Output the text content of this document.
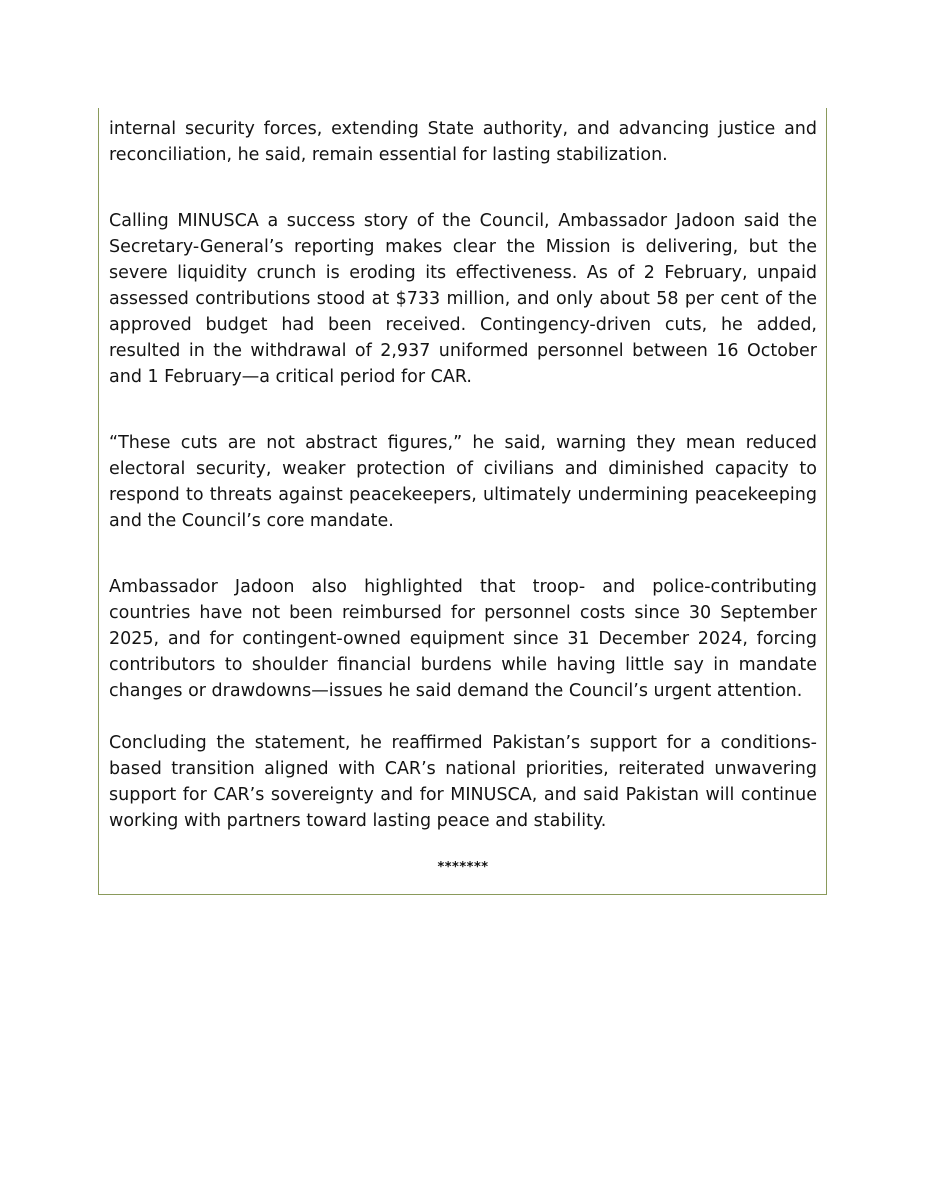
internal security forces, extending State authority, and advancing justice and reconciliation, he said, remain essential for lasting stabilization.

Calling MINUSCA a success story of the Council, Ambassador Jadoon said the Secretary-General’s reporting makes clear the Mission is delivering, but the severe liquidity crunch is eroding its effectiveness. As of 2 February, unpaid assessed contributions stood at $733 million, and only about 58 per cent of the approved budget had been received. Contingency-driven cuts, he added, resulted in the withdrawal of 2,937 uniformed personnel between 16 October and 1 February—a critical period for CAR.

“These cuts are not abstract figures,” he said, warning they mean reduced electoral security, weaker protection of civilians and diminished capacity to respond to threats against peacekeepers, ultimately undermining peacekeeping and the Council’s core mandate.

Ambassador Jadoon also highlighted that troop- and police-contributing countries have not been reimbursed for personnel costs since 30 September 2025, and for contingent-owned equipment since 31 December 2024, forcing contributors to shoulder financial burdens while having little say in mandate changes or drawdowns—issues he said demand the Council’s urgent attention.

Concluding the statement, he reaffirmed Pakistan’s support for a conditions-based transition aligned with CAR’s national priorities, reiterated unwavering support for CAR’s sovereignty and for MINUSCA, and said Pakistan will continue working with partners toward lasting peace and stability.

*******
